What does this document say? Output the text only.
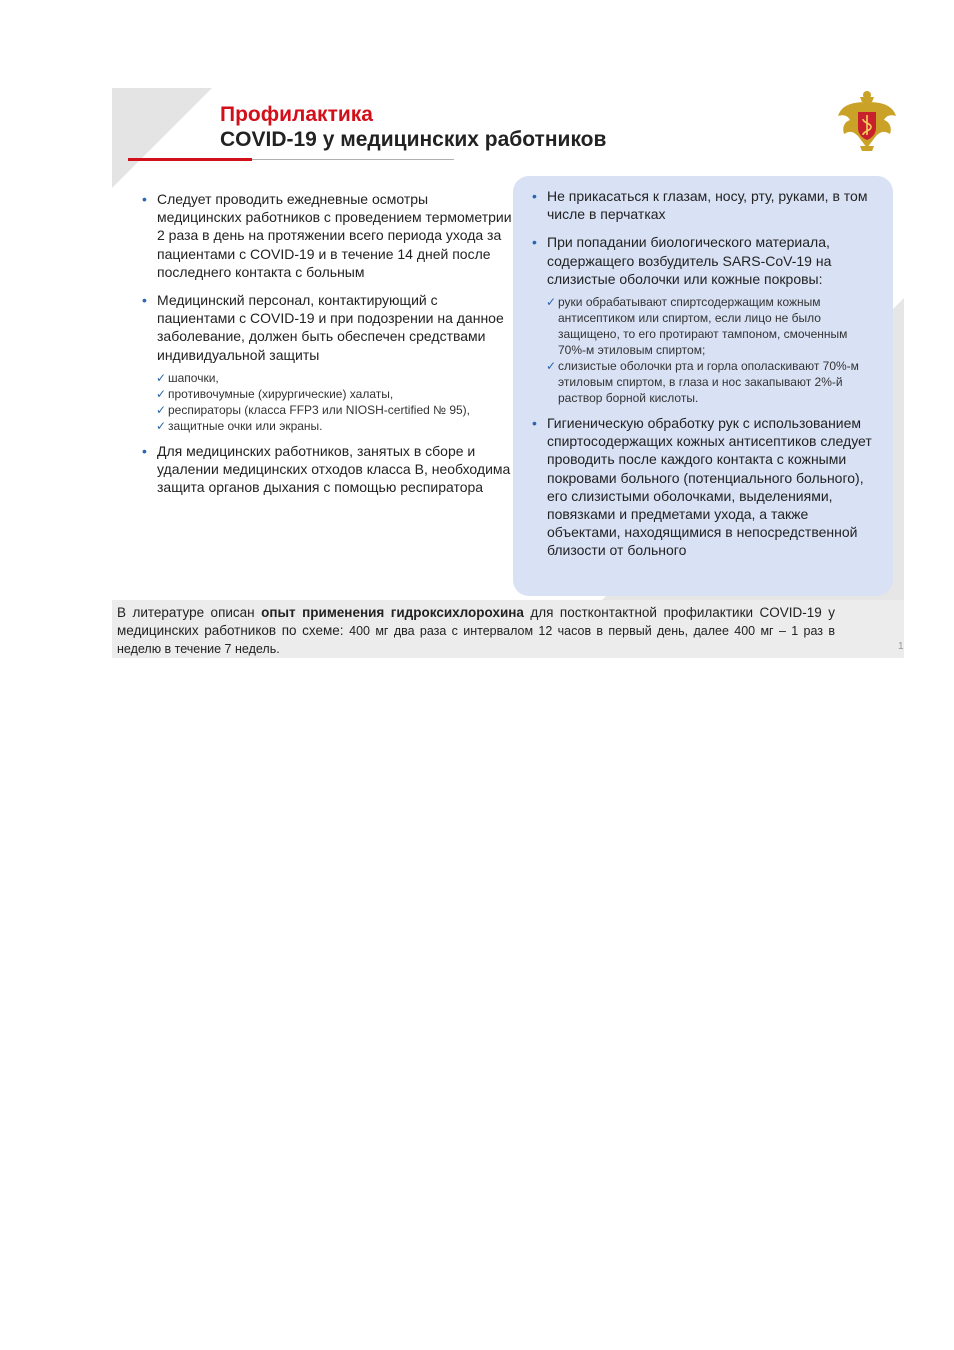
Профилактика
COVID-19 у медицинских работников
• Следует проводить ежедневные осмотры медицинских работников с проведением термометрии 2 раза в день на протяжении всего периода ухода за пациентами с COVID-19 и в течение 14 дней после последнего контакта с больным
• Медицинский персонал, контактирующий с пациентами с COVID-19 и при подозрении на данное заболевание, должен быть обеспечен средствами индивидуальной защиты
✓ шапочки,
✓ противочумные (хирургические) халаты,
✓ респираторы (класса FFP3 или NIOSH-certified № 95),
✓ защитные очки или экраны.
• Для медицинских работников, занятых в сборе и удалении медицинских отходов класса В, необходима защита органов дыхания с помощью респиратора
• Не прикасаться к глазам, носу, рту, руками, в том числе в перчатках
• При попадании биологического материала, содержащего возбудитель SARS-CoV-19 на слизистые оболочки или кожные покровы:
✓ руки обрабатывают спиртсодержащим кожным антисептиком или спиртом, если лицо не было защищено, то его протирают тампоном, смоченным 70%-м этиловым спиртом;
✓ слизистые оболочки рта и горла ополаскивают 70%-м этиловым спиртом, в глаза и нос закапывают 2%-й раствор борной кислоты.
• Гигиеническую обработку рук с использованием спиртосодержащих кожных антисептиков следует проводить после каждого контакта с кожными покровами больного (потенциального больного), его слизистыми оболочками, выделениями, повязками и предметами ухода, а также объектами, находящимися в непосредственной близости от больного
В литературе описан опыт применения гидроксихлорохина для постконтактной профилактики COVID-19 у медицинских работников по схеме: 400 мг два раза с интервалом 12 часов в первый день, далее 400 мг – 1 раз в неделю в течение 7 недель.	1
